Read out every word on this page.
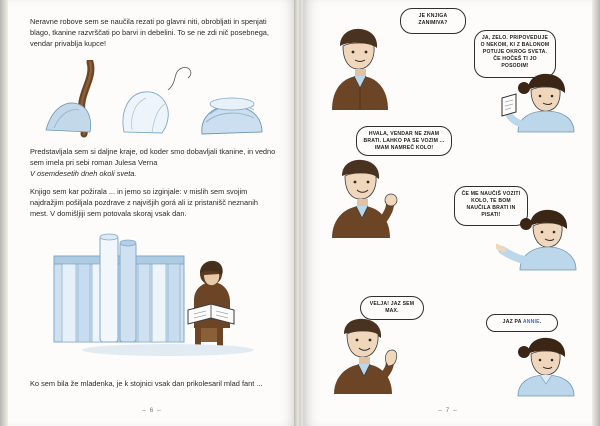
Neravne robove sem se naučila rezati po glavni niti, obrobljati in spenjati blago, tkanine razvrščati po barvi in debelini. To se ne zdi nič posebnega, vendar privablja kupce!
Predstavljala sem si daljne kraje, od koder smo dobavljali tkanine, in vedno sem imela pri sebi roman Julesa Verna
V osemdesetih dneh okoli sveta.
Knjigo sem kar požirala ... in jemo so izginjale: v mislih sem svojim najdražjim pošiljala pozdrave z najvišjih gorá ali iz pristanišč neznanih mest. V domišljiji sem potovala skoraj vsak dan.
Ko sem bila že mladenka, je k stojnici vsak dan prikolesaril mlad fant ...
– 6 –
JE KNJIGA ZANIMIVA?
JA, ZELO. PRIPOVEDUJE O NEKOM, KI Z BALONOM POTUJE OKROG SVETA. ČE HOČEŠ TI JO POSODIM!
HVALA, VENDAR NE ZNAM BRATI. LAHKO PA SE VOZIM ... IMAM NAMREČ KOLO!
ČE ME NAUČIŠ VOZITI KOLO, TE BOM NAUČILA BRATI IN PISATI!
VELJA! JAZ SEM MAX.
JAZ PA ANNIE.
– 7 –
